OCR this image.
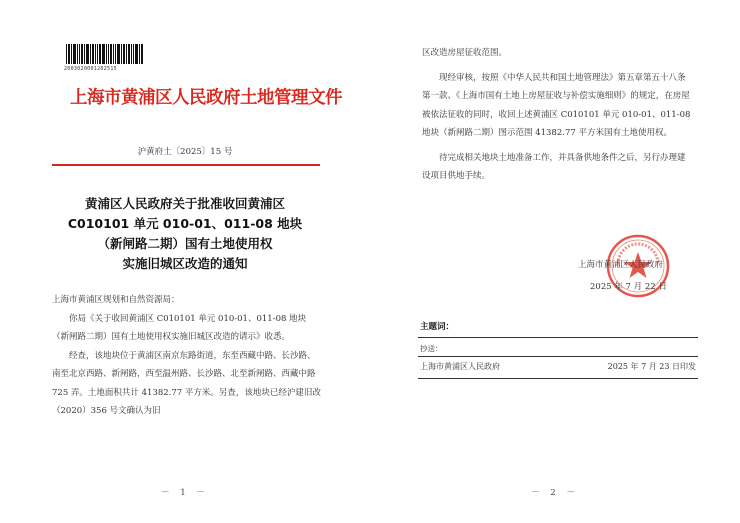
2003020001202515
上海市黄浦区人民政府土地管理文件
沪黄府土〔2025〕15 号
黄浦区人民政府关于批准收回黄浦区
C010101 单元 010-01、011-08 地块
（新闸路二期）国有土地使用权
实施旧城区改造的通知

上海市黄浦区规划和自然资源局：

你局《关于收回黄浦区 C010101 单元 010-01、011-08 地块（新闸路二期）国有土地使用权实施旧城区改造的请示》收悉。

经查，该地块位于黄浦区南京东路街道，东至西藏中路、长沙路、南至北京西路、新闸路，西至温州路、长沙路、北至新闸路、西藏中路 725 弄。土地面积共计 41382.77 平方米。另查，该地块已经沪建旧改（2020）356 号文确认为旧

－ 1 －

区改造房屋征收范围。

现经审核，按照《中华人民共和国土地管理法》第五章第五十八条第一款、《上海市国有土地上房屋征收与补偿实施细则》的规定，在房屋被依法征收的同时，收回上述黄浦区 C010101 单元 010-01、011-08 地块（新闸路二期）图示范围 41382.77 平方米国有土地使用权。

待完成相关地块土地准备工作，并具备供地条件之后，另行办理建设项目供地手续。

上海市黄浦区人民政府
2025 年 7 月 22 日
主题词：
抄送：
上海市黄浦区人民政府	2025 年 7 月 23 日印发
－ 2 －
